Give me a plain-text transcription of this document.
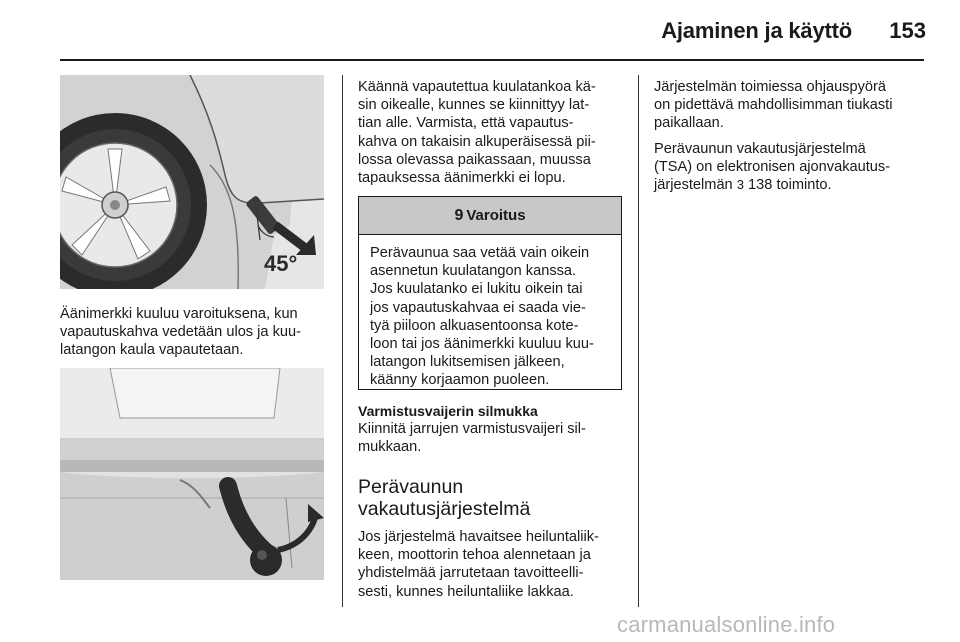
Ajaminen ja käyttö	153
45°

Äänimerkki kuuluu varoituksena, kun

vapautuskahva vedetään ulos ja kuu-

latangon kaula vapautetaan.

Käännä vapautettua kuulatankoa kä-

sin oikealle, kunnes se kiinnittyy lat-

tian alle. Varmista, että vapautus-

kahva on takaisin alkuperäisessä pii-

lossa olevassa paikassaan, muussa

tapauksessa äänimerkki ei lopu.

9 Varoitus

Perävaunua saa vetää vain oikein

asennetun kuulatangon kanssa.

Jos kuulatanko ei lukitu oikein tai

jos vapautuskahvaa ei saada vie-

tyä piiloon alkuasentoonsa kote-

loon tai jos äänimerkki kuuluu kuu-

latangon lukitsemisen jälkeen,

käänny korjaamon puoleen.

Varmistusvaijerin silmukka

Kiinnitä jarrujen varmistusvaijeri sil-

mukkaan.

Perävaunun
vakautusjärjestelmä

Jos järjestelmä havaitsee heiluntaliik-

keen, moottorin tehoa alennetaan ja

yhdistelmää jarrutetaan tavoitteelli-

sesti, kunnes heiluntaliike lakkaa.

Järjestelmän toimiessa ohjauspyörä

on pidettävä mahdollisimman tiukasti

paikallaan.

Perävaunun vakautusjärjestelmä

(TSA) on elektronisen ajonvakautus-

järjestelmän 3 138 toiminto.

carmanualsonline.info
